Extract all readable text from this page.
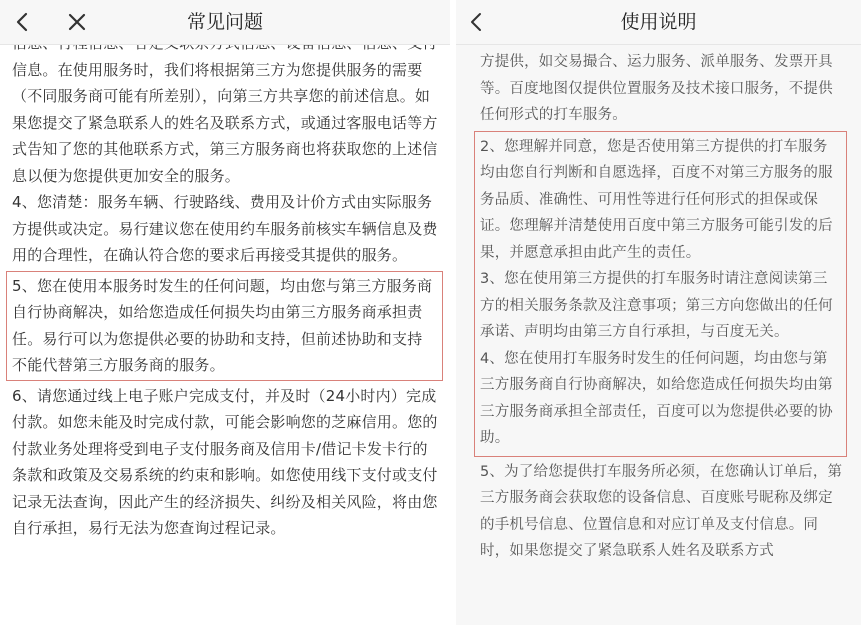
信息。在使用服务时，我们将根据第三方为您提供服务的需要（不同服务商可能有所差别），向第三方共享您的前述信息。如果您提交了紧急联系人的姓名及联系方式，或通过客服电话等方式告知了您的其他联系方式，第三方服务商也将获取您的上述信息以便为您提供更加安全的服务。

4、您清楚：服务车辆、行驶路线、费用及计价方式由实际服务方提供或决定。易行建议您在使用约车服务前核实车辆信息及费用的合理性，在确认符合您的要求后再接受其提供的服务。

5、您在使用本服务时发生的任何问题，均由您与第三方服务商自行协商解决，如给您造成任何损失均由第三方服务商承担责任。易行可以为您提供必要的协助和支持，但前述协助和支持不能代替第三方服务商的服务。

6、请您通过线上电子账户完成支付，并及时（24小时内）完成付款。如您未能及时完成付款，可能会影响您的芝麻信用。您的付款业务处理将受到电子支付服务商及信用卡/借记卡发卡行的条款和政策及交易系统的约束和影响。如您使用线下支付或支付记录无法查询，因此产生的经济损失、纠纷及相关风险，将由您自行承担，易行无法为您查询过程记录。

常见问题

方提供，如交易撮合、运力服务、派单服务、发票开具等。百度地图仅提供位置服务及技术接口服务，不提供任何形式的打车服务。

2、您理解并同意，您是否使用第三方提供的打车服务均由您自行判断和自愿选择，百度不对第三方服务的服务品质、准确性、可用性等进行任何形式的担保或保证。您理解并清楚使用百度中第三方服务可能引发的后果，并愿意承担由此产生的责任。

3、您在使用第三方提供的打车服务时请注意阅读第三方的相关服务条款及注意事项；第三方向您做出的任何承诺、声明均由第三方自行承担，与百度无关。

4、您在使用打车服务时发生的任何问题，均由您与第三方服务商自行协商解决，如给您造成任何损失均由第三方服务商承担全部责任，百度可以为您提供必要的协助。

5、为了给您提供打车服务所必须，在您确认订单后，第三方服务商会获取您的设备信息、百度账号昵称及绑定的手机号信息、位置信息和对应订单及支付信息。同时，如果您提交了紧急联系人姓名及联系方式

使用说明
